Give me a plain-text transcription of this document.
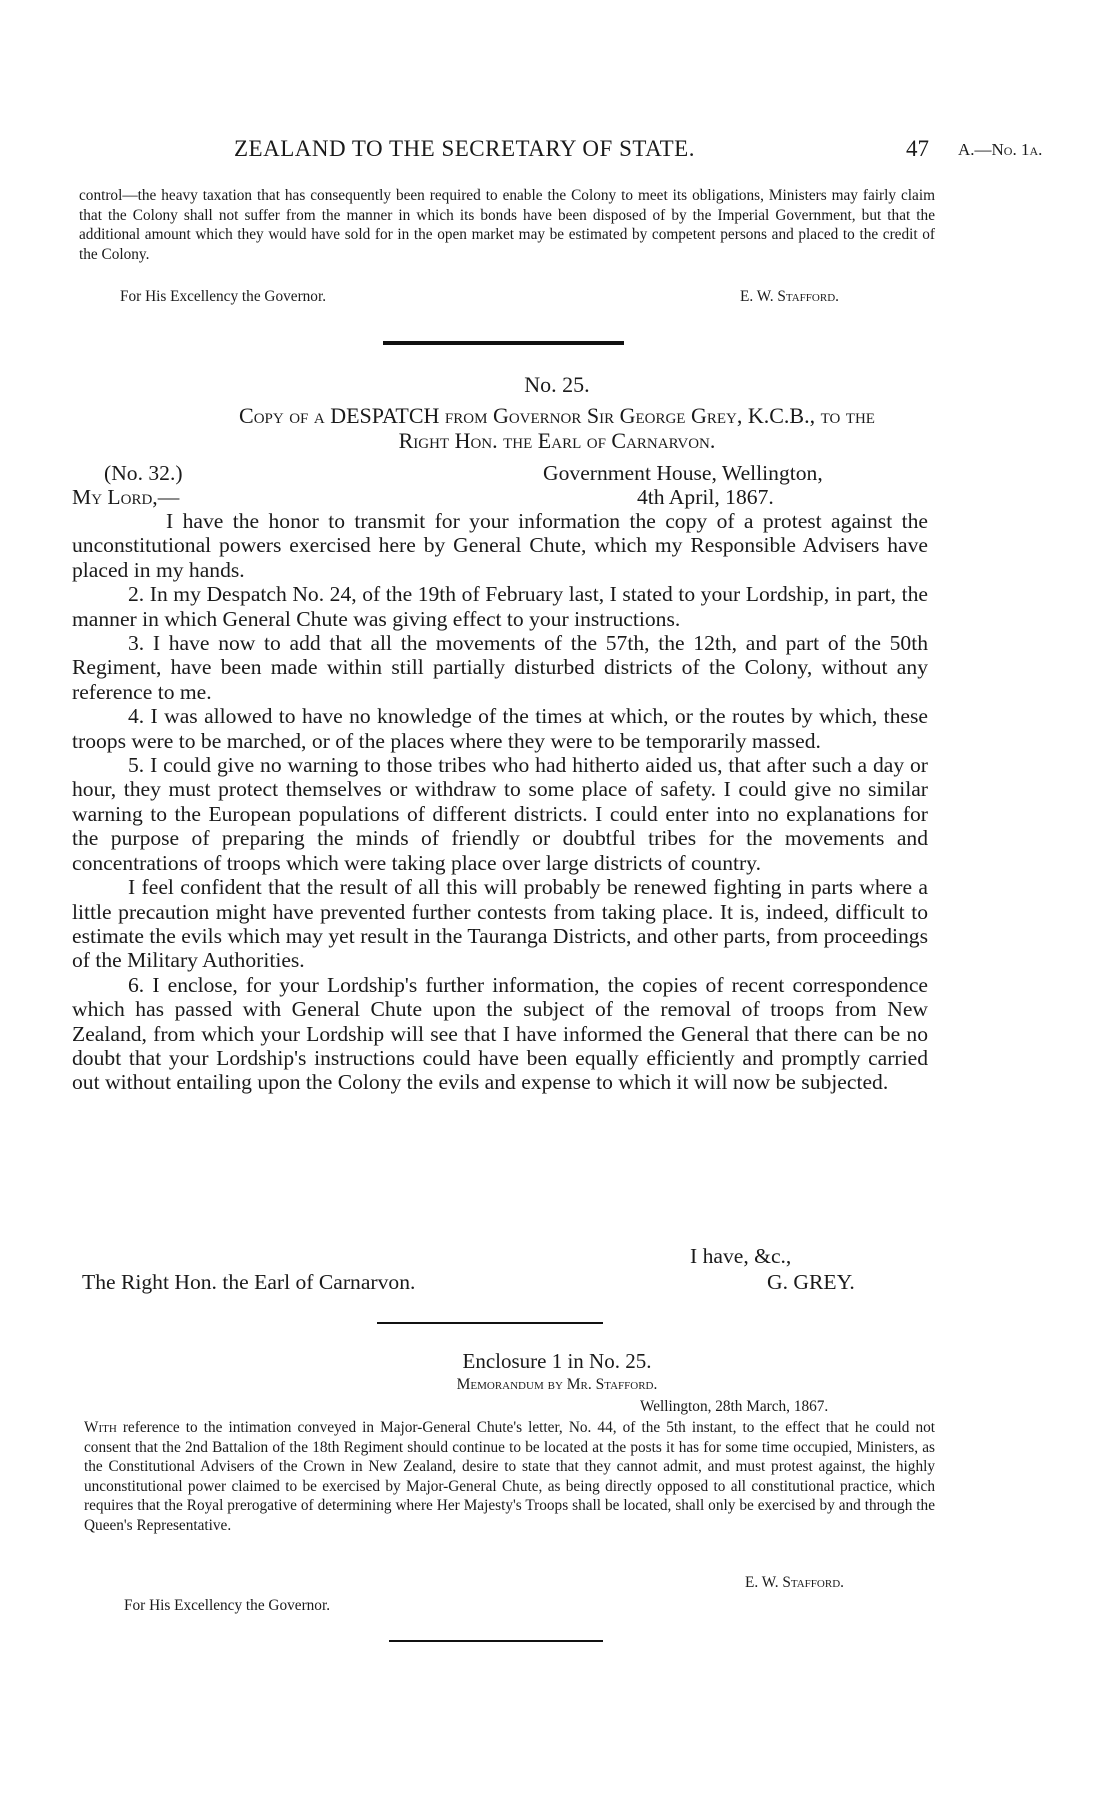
ZEALAND TO THE SECRETARY OF STATE.	47 A.—No. 1a.
control—the heavy taxation that has consequently been required to enable the Colony to meet its obligations, Ministers may fairly claim that the Colony shall not suffer from the manner in which its bonds have been disposed of by the Imperial Government, but that the additional amount which they would have sold for in the open market may be estimated by competent persons and placed to the credit of the Colony.
For His Excellency the Governor.	E. W. Stafford.
No. 25.
Copy of a DESPATCH from Governor Sir George Grey, K.C.B., to the
Right Hon. the Earl of Carnarvon.
(No. 32.)	Government House, Wellington,
My Lord,—	4th April, 1867.

I have the honor to transmit for your information the copy of a protest against the unconstitutional powers exercised here by General Chute, which my Responsible Advisers have placed in my hands.

2. In my Despatch No. 24, of the 19th of February last, I stated to your Lordship, in part, the manner in which General Chute was giving effect to your instructions.

3. I have now to add that all the movements of the 57th, the 12th, and part of the 50th Regiment, have been made within still partially disturbed districts of the Colony, without any reference to me.

4. I was allowed to have no knowledge of the times at which, or the routes by which, these troops were to be marched, or of the places where they were to be temporarily massed.

5. I could give no warning to those tribes who had hitherto aided us, that after such a day or hour, they must protect themselves or withdraw to some place of safety. I could give no similar warning to the European populations of different districts. I could enter into no explanations for the purpose of preparing the minds of friendly or doubtful tribes for the movements and concentrations of troops which were taking place over large districts of country.

I feel confident that the result of all this will probably be renewed fighting in parts where a little precaution might have prevented further contests from taking place. It is, indeed, difficult to estimate the evils which may yet result in the Tauranga Districts, and other parts, from proceedings of the Military Authorities.

6. I enclose, for your Lordship's further information, the copies of recent correspondence which has passed with General Chute upon the subject of the removal of troops from New Zealand, from which your Lordship will see that I have informed the General that there can be no doubt that your Lordship's instructions could have been equally efficiently and promptly carried out without entailing upon the Colony the evils and expense to which it will now be subjected.

I have, &c.,
The Right Hon. the Earl of Carnarvon.	G. GREY.
Enclosure 1 in No. 25.
Memorandum by Mr. Stafford.
Wellington, 28th March, 1867.
With reference to the intimation conveyed in Major-General Chute's letter, No. 44, of the 5th instant, to the effect that he could not consent that the 2nd Battalion of the 18th Regiment should continue to be located at the posts it has for some time occupied, Ministers, as the Constitutional Advisers of the Crown in New Zealand, desire to state that they cannot admit, and must protest against, the highly unconstitutional power claimed to be exercised by Major-General Chute, as being directly opposed to all constitutional practice, which requires that the Royal prerogative of determining where Her Majesty's Troops shall be located, shall only be exercised by and through the Queen's Representative.
E. W. Stafford.
For His Excellency the Governor.
